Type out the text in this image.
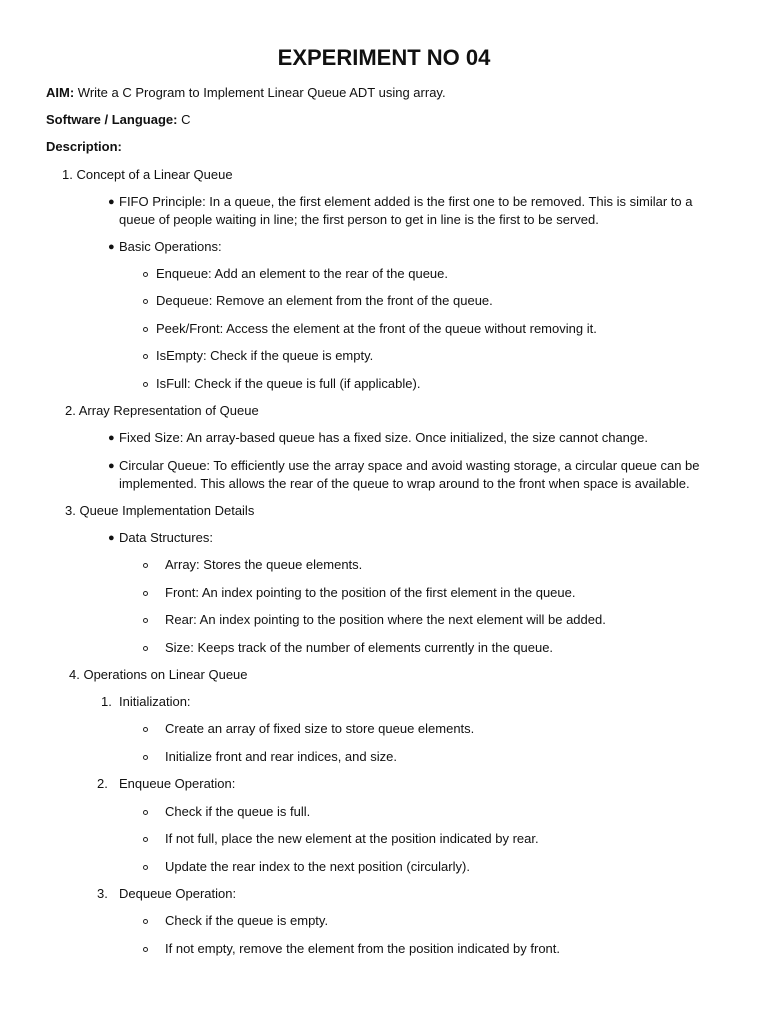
EXPERIMENT NO 04

AIM: Write a C Program to Implement Linear Queue ADT using array.

Software / Language: C

Description:

1. Concept of a Linear Queue

● FIFO Principle: In a queue, the first element added is the first one to be removed. This is similar to a

queue of people waiting in line; the first person to get in line is the first to be served.

● Basic Operations:

Enqueue: Add an element to the rear of the queue.

Dequeue: Remove an element from the front of the queue.

Peek/Front: Access the element at the front of the queue without removing it.

IsEmpty: Check if the queue is empty.

IsFull: Check if the queue is full (if applicable).

2. Array Representation of Queue

● Fixed Size: An array-based queue has a fixed size. Once initialized, the size cannot change.

● Circular Queue: To efficiently use the array space and avoid wasting storage, a circular queue can be

implemented. This allows the rear of the queue to wrap around to the front when space is available.

3. Queue Implementation Details

● Data Structures:

Array: Stores the queue elements.

Front: An index pointing to the position of the first element in the queue.

Rear: An index pointing to the position where the next element will be added.

Size: Keeps track of the number of elements currently in the queue.

4. Operations on Linear Queue

1. Initialization:

Create an array of fixed size to store queue elements.

Initialize front and rear indices, and size.

2. Enqueue Operation:

Check if the queue is full.

If not full, place the new element at the position indicated by rear.

Update the rear index to the next position (circularly).

3. Dequeue Operation:

Check if the queue is empty.

If not empty, remove the element from the position indicated by front.
